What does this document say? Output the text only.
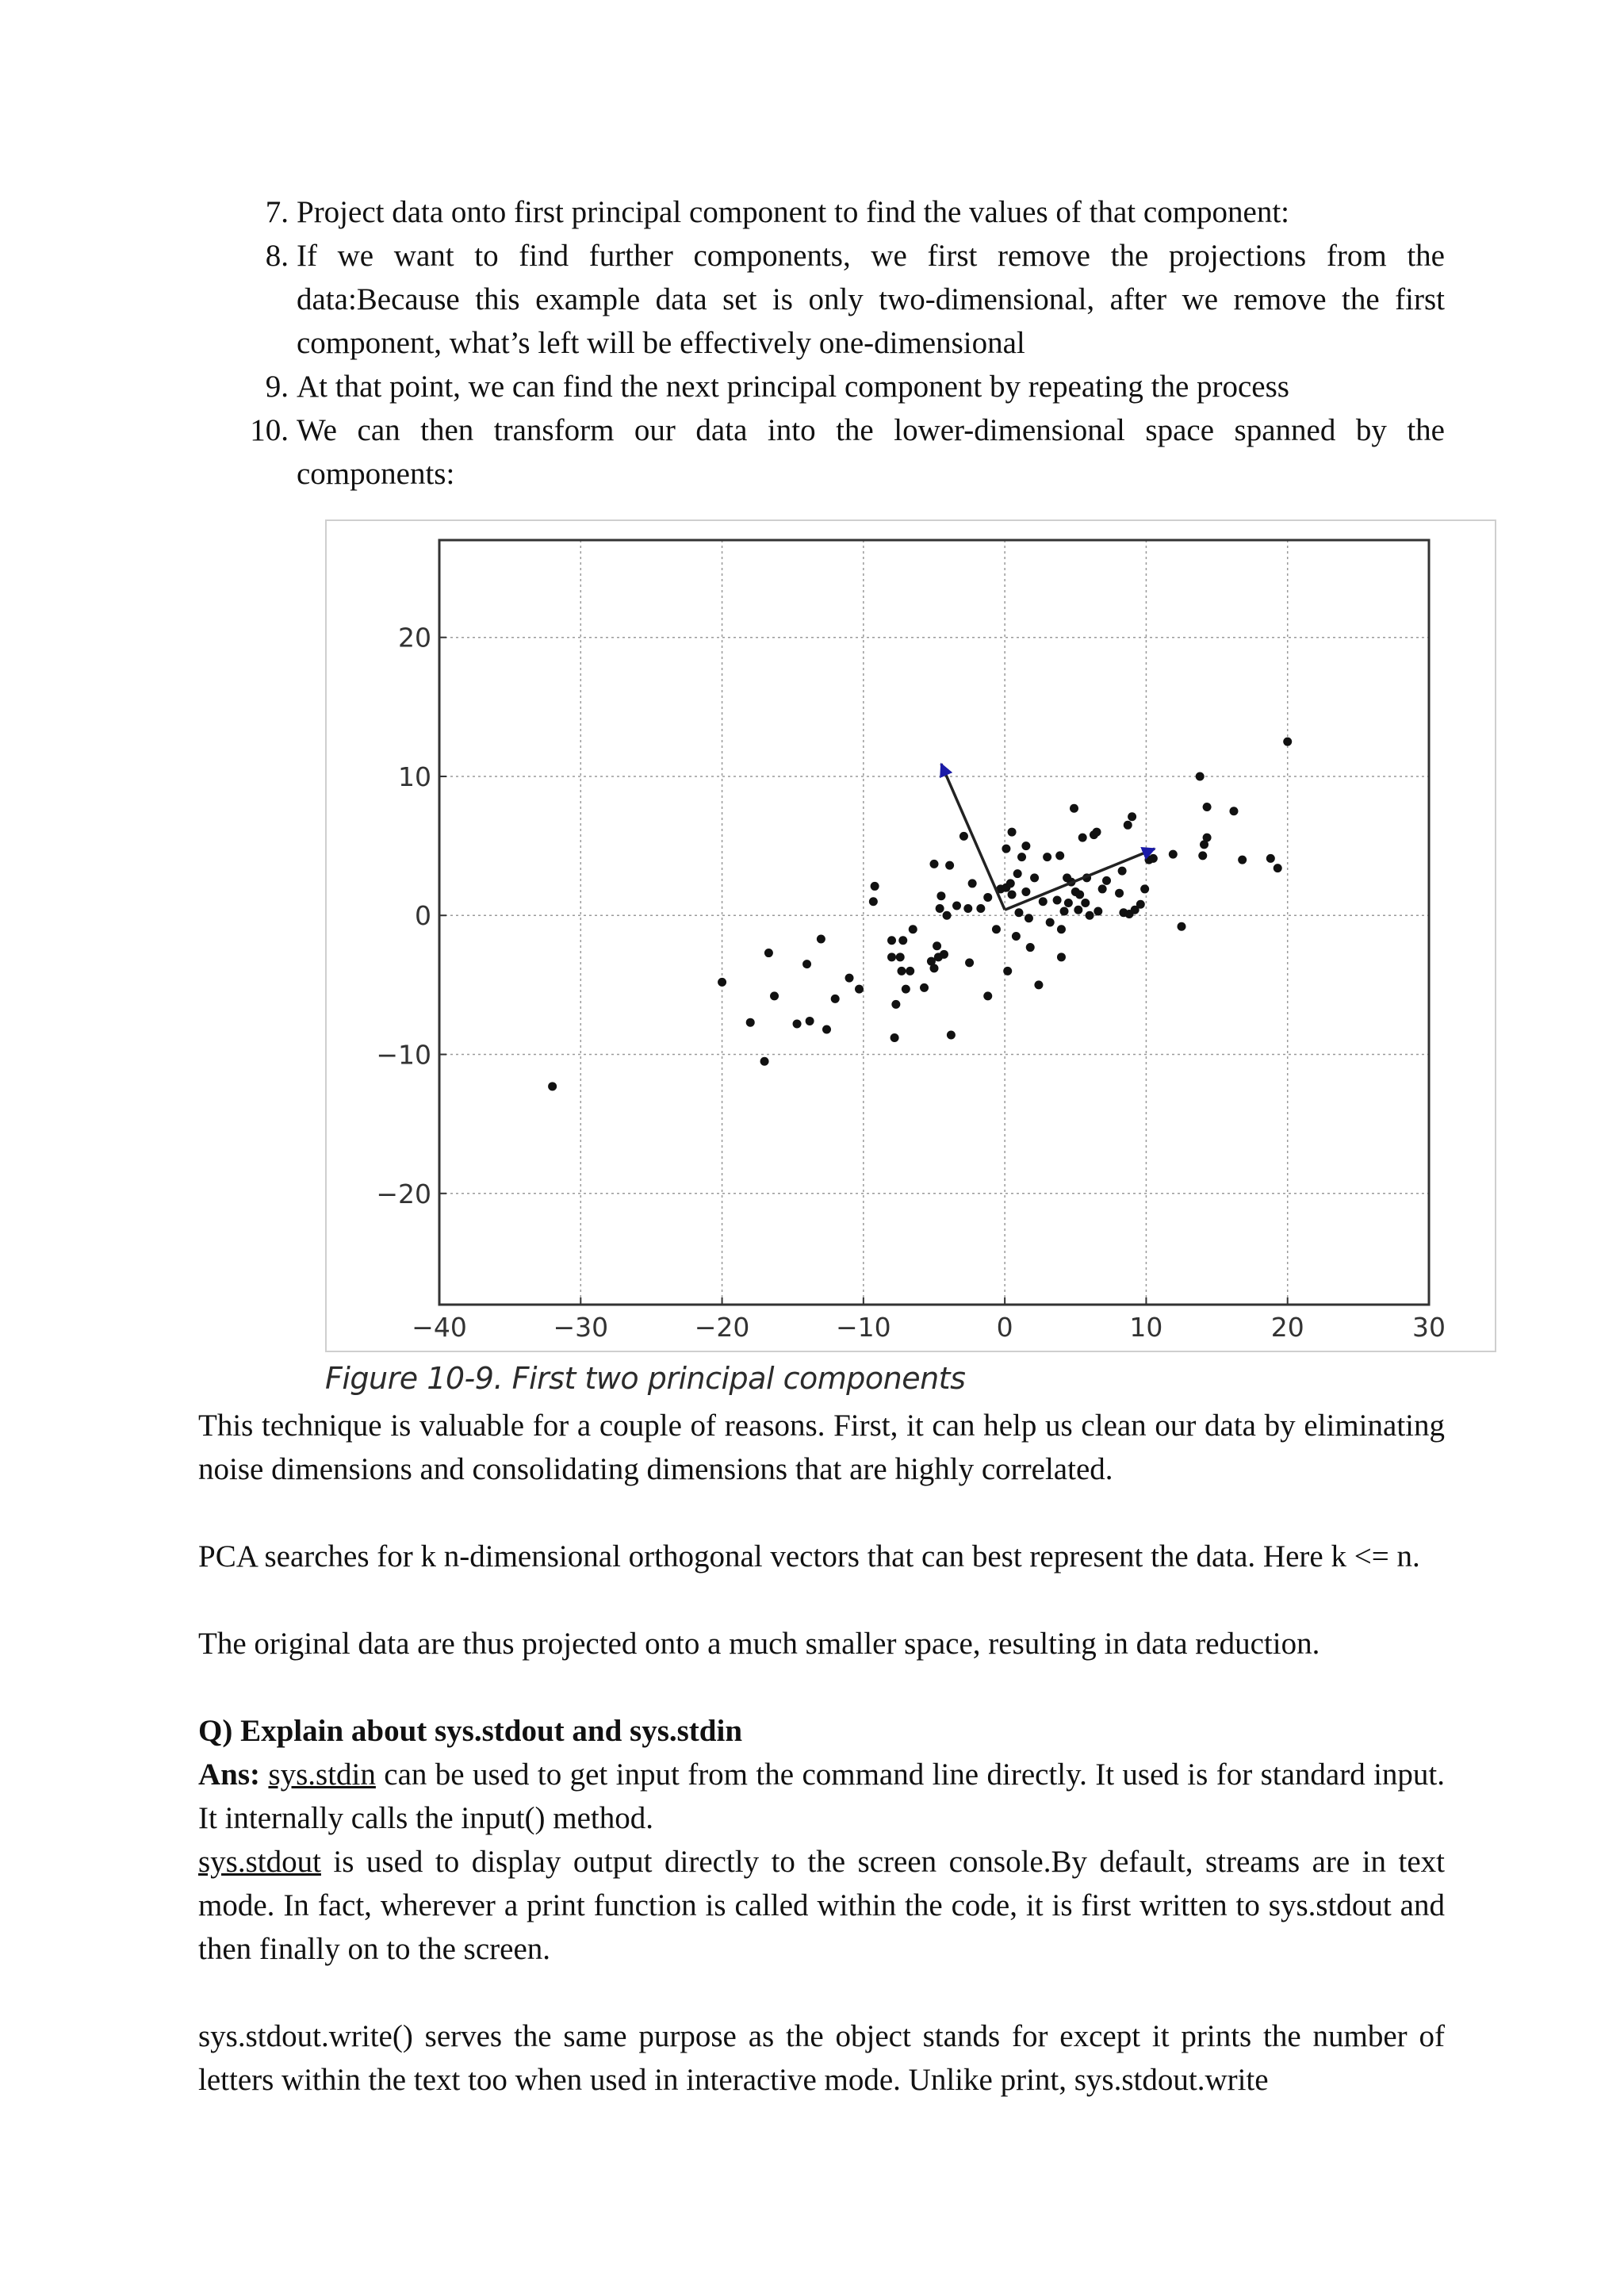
7. Project data onto first principal component to find the values of that component:
8. If we want to find further components, we first remove the projections from the data:Because this example data set is only two-dimensional, after we remove the first component, what’s left will be effectively one-dimensional
9. At that point, we can find the next principal component by repeating the process
10. We can then transform our data into the lower-dimensional space spanned by the components:
−40	−30	−20	−10	0	10	20	30
20
10
0
−10
−20
Figure 10-9. First two principal components

This technique is valuable for a couple of reasons. First, it can help us clean our data by eliminating noise dimensions and consolidating dimensions that are highly correlated.

PCA searches for k n-dimensional orthogonal vectors that can best represent the data. Here k <= n.

The original data are thus projected onto a much smaller space, resulting in data reduction.

Q) Explain about sys.stdout and sys.stdin

Ans: sys.stdin can be used to get input from the command line directly. It used is for standard input. It internally calls the input() method.

sys.stdout is used to display output directly to the screen console.By default, streams are in text mode. In fact, wherever a print function is called within the code, it is first written to sys.stdout and then finally on to the screen.

sys.stdout.write() serves the same purpose as the object stands for except it prints the number of letters within the text too when used in interactive mode. Unlike print, sys.stdout.write
